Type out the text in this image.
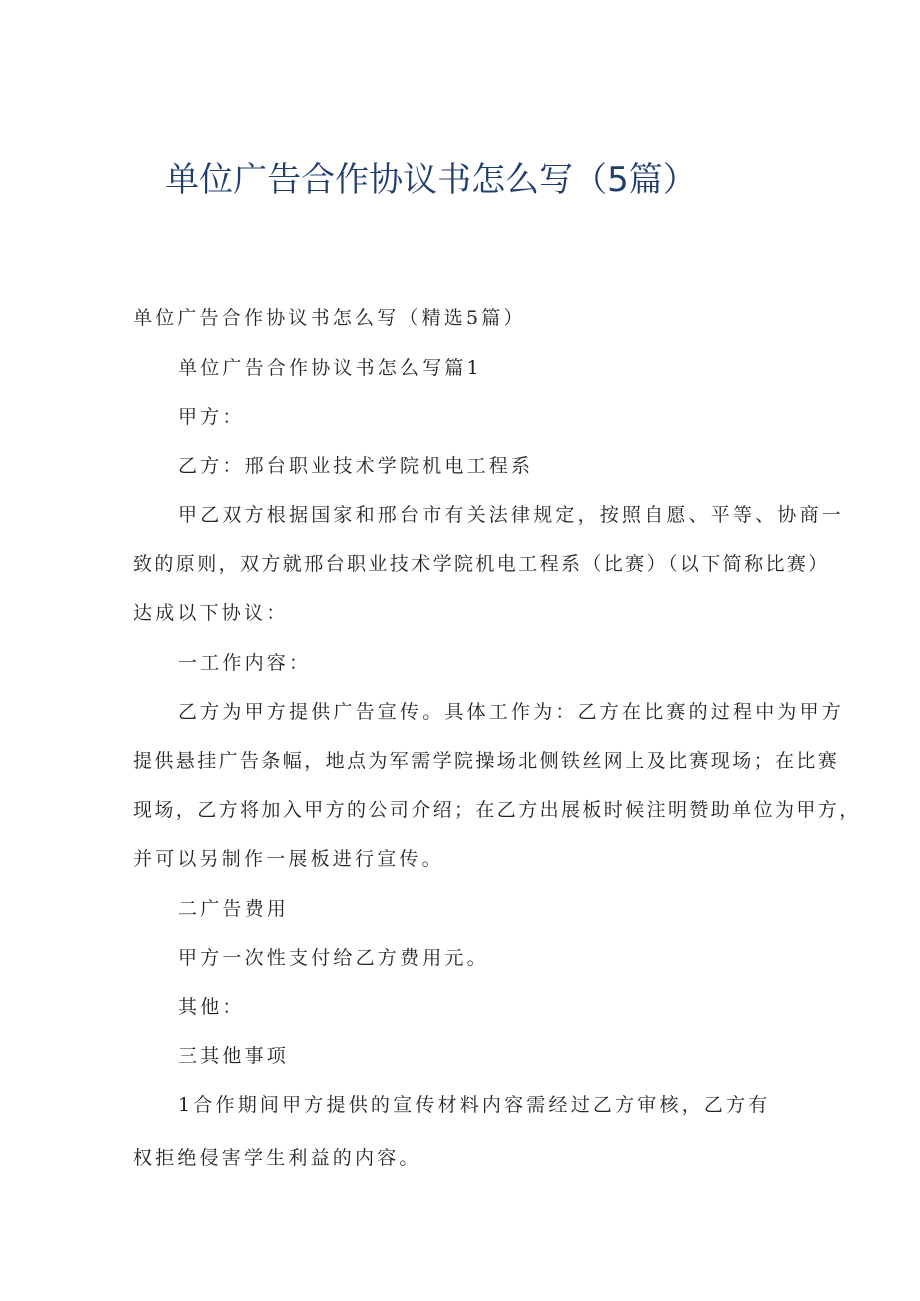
单位广告合作协议书怎么写（5篇）
单位广告合作协议书怎么写（精选5篇）
单位广告合作协议书怎么写篇1
甲方：
乙方：邢台职业技术学院机电工程系
甲乙双方根据国家和邢台市有关法律规定，按照自愿、平等、协商一
致的原则，双方就邢台职业技术学院机电工程系（比赛）（以下简称比赛）
达成以下协议：
一工作内容：
乙方为甲方提供广告宣传。具体工作为：乙方在比赛的过程中为甲方
提供悬挂广告条幅，地点为军需学院操场北侧铁丝网上及比赛现场；在比赛
现场，乙方将加入甲方的公司介绍；在乙方出展板时候注明赞助单位为甲方，
并可以另制作一展板进行宣传。
二广告费用
甲方一次性支付给乙方费用元。
其他：
三其他事项
1合作期间甲方提供的宣传材料内容需经过乙方审核，乙方有
权拒绝侵害学生利益的内容。
